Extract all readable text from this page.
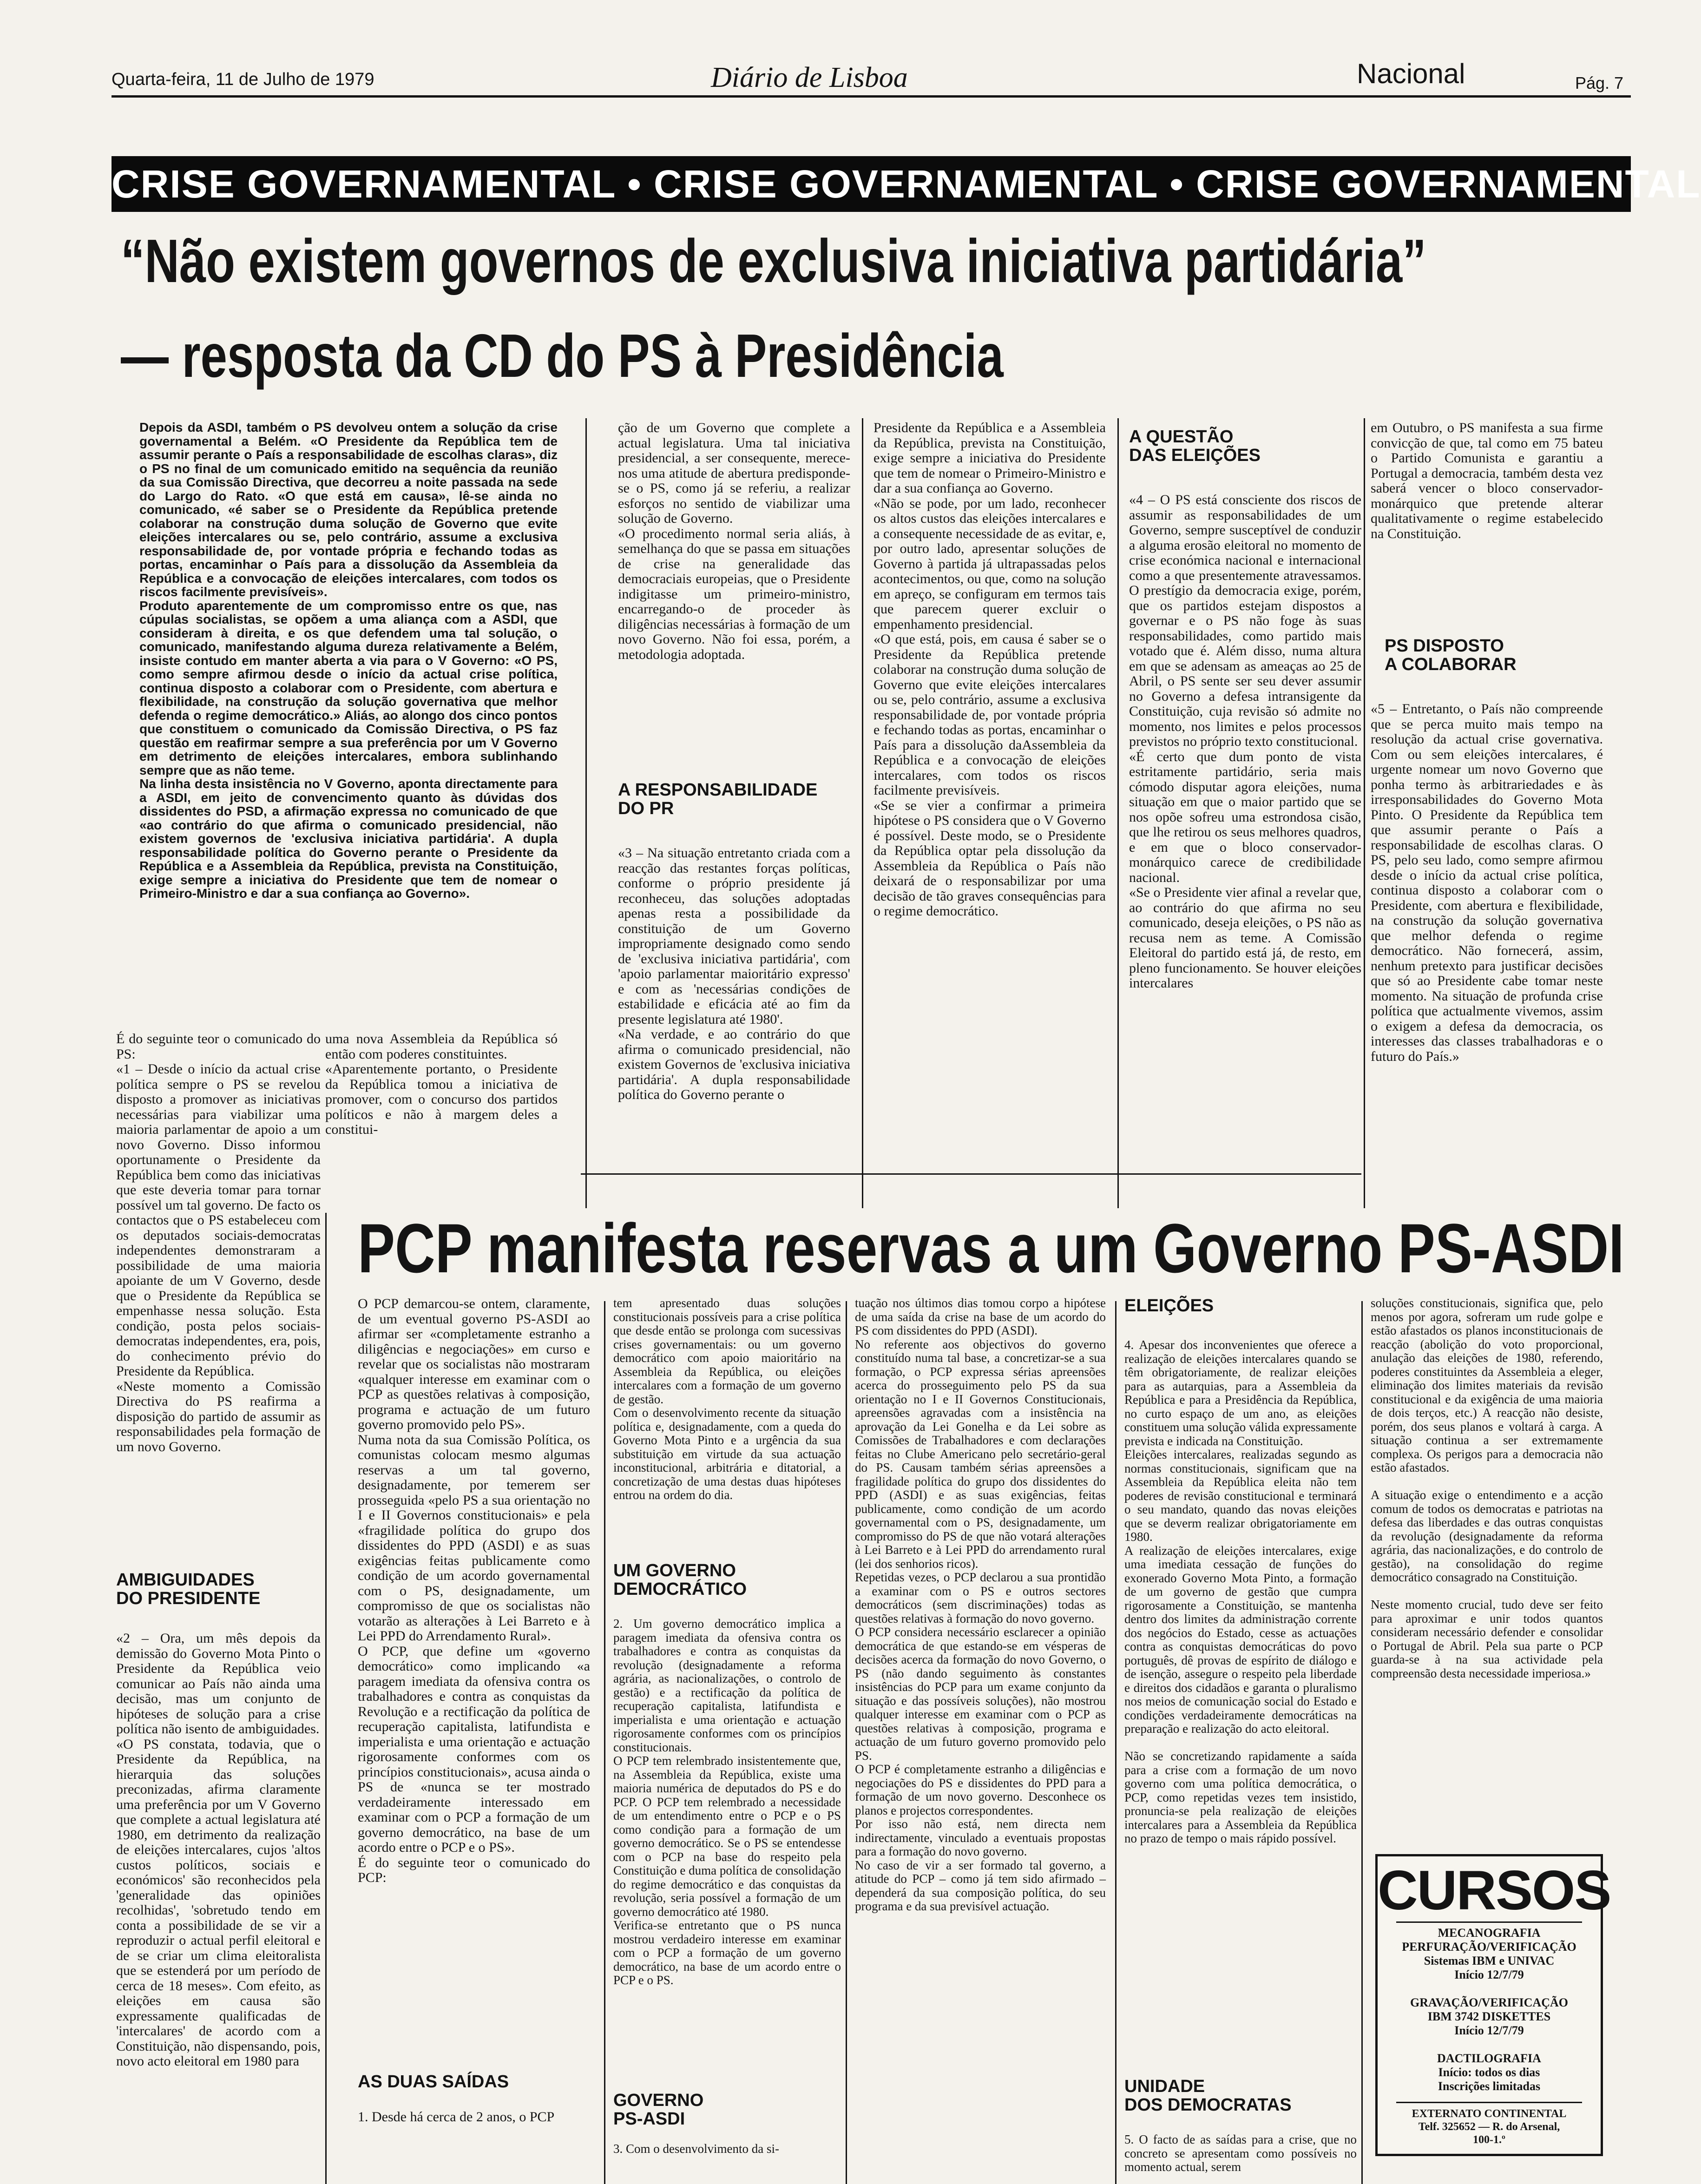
Quarta-feira, 11 de Julho de 1979	Diário de Lisboa	Nacional	Pág. 7
CRISE GOVERNAMENTAL • CRISE GOVERNAMENTAL • CRISE GOVERNAMENTAL
“Não existem governos de exclusiva iniciativa partidária”
— resposta da CD do PS à Presidência
Depois da ASDI, também o PS devolveu ontem a solução da crise governamental a Belém. «O Presidente da República tem de assumir perante o País a responsabilidade de escolhas claras», diz o PS no final de um comunicado emitido na sequência da reunião da sua Comissão Directiva, que decorreu a noite passada na sede do Largo do Rato. «O que está em causa», lê-se ainda no comunicado, «é saber se o Presidente da República pretende colaborar na construção duma solução de Governo que evite eleições intercalares ou se, pelo contrário, assume a exclusiva responsabilidade de, por vontade própria e fechando todas as portas, encaminhar o País para a dissolução da Assembleia da República e a convocação de eleições intercalares, com todos os riscos facilmente previsíveis».
Produto aparentemente de um compromisso entre os que, nas cúpulas socialistas, se opõem a uma aliança com a ASDI, que consideram à direita, e os que defendem uma tal solução, o comunicado, manifestando alguma dureza relativamente a Belém, insiste contudo em manter aberta a via para o V Governo: «O PS, como sempre afirmou desde o início da actual crise política, continua disposto a colaborar com o Presidente, com abertura e flexibilidade, na construção da solução governativa que melhor defenda o regime democrático.» Aliás, ao alongo dos cinco pontos que constituem o comunicado da Comissão Directiva, o PS faz questão em reafirmar sempre a sua preferência por um V Governo em detrimento de eleições intercalares, embora sublinhando sempre que as não teme.
Na linha desta insistência no V Governo, aponta directamente para a ASDI, em jeito de convencimento quanto às dúvidas dos dissidentes do PSD, a afirmação expressa no comunicado de que «ao contrário do que afirma o comunicado presidencial, não existem governos de 'exclusiva iniciativa partidária'. A dupla responsabilidade política do Governo perante o Presidente da República e a Assembleia da República, prevista na Constituição, exige sempre a iniciativa do Presidente que tem de nomear o Primeiro-Ministro e dar a sua confiança ao Governo».
É do seguinte teor o comunicado do PS:
«1 – Desde o início da actual crise política sempre o PS se revelou disposto a promover as iniciativas necessárias para viabilizar uma maioria parlamentar de apoio a um novo Governo. Disso informou oportunamente o Presidente da República bem como das iniciativas que este deveria tomar para tornar possível um tal governo. De facto os contactos que o PS estabeleceu com os deputados sociais-democratas independentes demonstraram a possibilidade de uma maioria apoiante de um V Governo, desde que o Presidente da República se empenhasse nessa solução. Esta condição, posta pelos sociais-democratas independentes, era, pois, do conhecimento prévio do Presidente da República.
«Neste momento a Comissão Directiva do PS reafirma a disposição do partido de assumir as responsabilidades pela formação de um novo Governo.
uma nova Assembleia da República só então com poderes constituintes.
«Aparentemente portanto, o Presidente da República tomou a iniciativa de promover, com o concurso dos partidos políticos e não à margem deles a constitui-
ção de um Governo que complete a actual legislatura. Uma tal iniciativa presidencial, a ser consequente, merece-nos uma atitude de abertura predisponde-se o PS, como já se referiu, a realizar esforços no sentido de viabilizar uma solução de Governo.
«O procedimento normal seria aliás, à semelhança do que se passa em situações de crise na generalidade das democraciais europeias, que o Presidente indigitasse um primeiro-ministro, encarregando-o de proceder às diligências necessárias à formação de um novo Governo. Não foi essa, porém, a metodologia adoptada.
A RESPONSABILIDADE
DO PR
«3 – Na situação entretanto criada com a reacção das restantes forças políticas, conforme o próprio presidente já reconheceu, das soluções adoptadas apenas resta a possibilidade da constituição de um Governo impropriamente designado como sendo de 'exclusiva iniciativa partidária', com 'apoio parlamentar maioritário expresso' e com as 'necessárias condições de estabilidade e eficácia até ao fim da presente legislatura até 1980'.
«Na verdade, e ao contrário do que afirma o comunicado presidencial, não existem Governos de 'exclusiva iniciativa partidária'. A dupla responsabilidade política do Governo perante o
Presidente da República e a Assembleia da República, prevista na Constituição, exige sempre a iniciativa do Presidente que tem de nomear o Primeiro-Ministro e dar a sua confiança ao Governo.
«Não se pode, por um lado, reconhecer os altos custos das eleições intercalares e a consequente necessidade de as evitar, e, por outro lado, apresentar soluções de Governo à partida já ultrapassadas pelos acontecimentos, ou que, como na solução em apreço, se configuram em termos tais que parecem querer excluir o empenhamento presidencial.
«O que está, pois, em causa é saber se o Presidente da República pretende colaborar na construção duma solução de Governo que evite eleições intercalares ou se, pelo contrário, assume a exclusiva responsabilidade de, por vontade própria e fechando todas as portas, encaminhar o País para a dissolução daAssembleia da República e a convocação de eleições intercalares, com todos os riscos facilmente previsíveis.
«Se se vier a confirmar a primeira hipótese o PS considera que o V Governo é possível. Deste modo, se o Presidente da República optar pela dissolução da Assembleia da República o País não deixará de o responsabilizar por uma decisão de tão graves consequências para o regime democrático.
A QUESTÃO
DAS ELEIÇÕES
«4 – O PS está consciente dos riscos de assumir as responsabilidades de um Governo, sempre susceptível de conduzir a alguma erosão eleitoral no momento de crise económica nacional e internacional como a que presentemente atravessamos. O prestígio da democracia exige, porém, que os partidos estejam dispostos a governar e o PS não foge às suas responsabilidades, como partido mais votado que é. Além disso, numa altura em que se adensam as ameaças ao 25 de Abril, o PS sente ser seu dever assumir no Governo a defesa intransigente da Constituição, cuja revisão só admite no momento, nos limites e pelos processos previstos no próprio texto constitucional.
«É certo que dum ponto de vista estritamente partidário, seria mais cómodo disputar agora eleições, numa situação em que o maior partido que se nos opõe sofreu uma estrondosa cisão, que lhe retirou os seus melhores quadros, e em que o bloco conservador-monárquico carece de credibilidade nacional.
«Se o Presidente vier afinal a revelar que, ao contrário do que afirma no seu comunicado, deseja eleições, o PS não as recusa nem as teme. A Comissão Eleitoral do partido está já, de resto, em pleno funcionamento. Se houver eleições intercalares
em Outubro, o PS manifesta a sua firme convicção de que, tal como em 75 bateu o Partido Comunista e garantiu a Portugal a democracia, também desta vez saberá vencer o bloco conservador-monárquico que pretende alterar qualitativamente o regime estabelecido na Constituição.
PS DISPOSTO
A COLABORAR
«5 – Entretanto, o País não compreende que se perca muito mais tempo na resolução da actual crise governativa. Com ou sem eleições intercalares, é urgente nomear um novo Governo que ponha termo às arbitrariedades e às irresponsabilidades do Governo Mota Pinto. O Presidente da República tem que assumir perante o País a responsabilidade de escolhas claras. O PS, pelo seu lado, como sempre afirmou desde o início da actual crise política, continua disposto a colaborar com o Presidente, com abertura e flexibilidade, na construção da solução governativa que melhor defenda o regime democrático. Não fornecerá, assim, nenhum pretexto para justificar decisões que só ao Presidente cabe tomar neste momento. Na situação de profunda crise política que actualmente vivemos, assim o exigem a defesa da democracia, os interesses das classes trabalhadoras e o futuro do País.»
AMBIGUIDADES
DO PRESIDENTE
«2 – Ora, um mês depois da demissão do Governo Mota Pinto o Presidente da República veio comunicar ao País não ainda uma decisão, mas um conjunto de hipóteses de solução para a crise política não isento de ambiguidades.
«O PS constata, todavia, que o Presidente da República, na hierarquia das soluções preconizadas, afirma claramente uma preferência por um V Governo que complete a actual legislatura até 1980, em detrimento da realização de eleições intercalares, cujos 'altos custos políticos, sociais e económicos' são reconhecidos pela 'generalidade das opiniões recolhidas', 'sobretudo tendo em conta a possibilidade de se vir a reproduzir o actual perfil eleitoral e de se criar um clima eleitoralista que se estenderá por um período de cerca de 18 meses». Com efeito, as eleições em causa são expressamente qualificadas de 'intercalares' de acordo com a Constituição, não dispensando, pois, novo acto eleitoral em 1980 para
PCP manifesta reservas a um Governo PS-ASDI
O PCP demarcou-se ontem, claramente, de um eventual governo PS-ASDI ao afirmar ser «completamente estranho a diligências e negociações» em curso e revelar que os socialistas não mostraram «qualquer interesse em examinar com o PCP as questões relativas à composição, programa e actuação de um futuro governo promovido pelo PS».
Numa nota da sua Comissão Política, os comunistas colocam mesmo algumas reservas a um tal governo, designadamente, por temerem ser prosseguida «pelo PS a sua orientação no I e II Governos constitucionais» e pela «fragilidade política do grupo dos dissidentes do PPD (ASDI) e as suas exigências feitas publicamente como condição de um acordo governamental com o PS, designadamente, um compromisso de que os socialistas não votarão as alterações à Lei Barreto e à Lei PPD do Arrendamento Rural».
O PCP, que define um «governo democrático» como implicando «a paragem imediata da ofensiva contra os trabalhadores e contra as conquistas da Revolução e a rectificação da política de recuperação capitalista, latifundista e imperialista e uma orientação e actuação rigorosamente conformes com os princípios constitucionais», acusa ainda o PS de «nunca se ter mostrado verdadeiramente interessado em examinar com o PCP a formação de um governo democrático, na base de um acordo entre o PCP e o PS».
É do seguinte teor o comunicado do PCP:
AS DUAS SAÍDAS
1. Desde há cerca de 2 anos, o PCP
tem apresentado duas soluções constitucionais possíveis para a crise política que desde então se prolonga com sucessivas crises governamentais: ou um governo democrático com apoio maioritário na Assembleia da República, ou eleições intercalares com a formação de um governo de gestão.
Com o desenvolvimento recente da situação política e, designadamente, com a queda do Governo Mota Pinto e a urgência da sua substituição em virtude da sua actuação inconstitucional, arbitrária e ditatorial, a concretização de uma destas duas hipóteses entrou na ordem do dia.
UM GOVERNO
DEMOCRÁTICO
2. Um governo democrático implica a paragem imediata da ofensiva contra os trabalhadores e contra as conquistas da revolução (designadamente a reforma agrária, as nacionalizações, o controlo de gestão) e a rectificação da política de recuperação capitalista, latifundista e imperialista e uma orientação e actuação rigorosamente conformes com os princípios constitucionais.
O PCP tem relembrado insistentemente que, na Assembleia da República, existe uma maioria numérica de deputados do PS e do PCP. O PCP tem relembrado a necessidade de um entendimento entre o PCP e o PS como condição para a formação de um governo democrático. Se o PS se entendesse com o PCP na base do respeito pela Constituição e duma política de consolidação do regime democrático e das conquistas da revolução, seria possível a formação de um governo democrático até 1980.
Verifica-se entretanto que o PS nunca mostrou verdadeiro interesse em examinar com o PCP a formação de um governo democrático, na base de um acordo entre o PCP e o PS.
GOVERNO
PS-ASDI
3. Com o desenvolvimento da si-
tuação nos últimos dias tomou corpo a hipótese de uma saída da crise na base de um acordo do PS com dissidentes do PPD (ASDI).
No referente aos objectivos do governo constituído numa tal base, a concretizar-se a sua formação, o PCP expressa sérias apreensões acerca do prosseguimento pelo PS da sua orientação no I e II Governos Constitucionais, apreensões agravadas com a insistência na aprovação da Lei Gonelha e da Lei sobre as Comissões de Trabalhadores e com declarações feitas no Clube Americano pelo secretário-geral do PS. Causam também sérias apreensões a fragilidade política do grupo dos dissidentes do PPD (ASDI) e as suas exigências, feitas publicamente, como condição de um acordo governamental com o PS, designadamente, um compromisso do PS de que não votará alterações à Lei Barreto e à Lei PPD do arrendamento rural (lei dos senhorios ricos).
Repetidas vezes, o PCP declarou a sua prontidão a examinar com o PS e outros sectores democráticos (sem discriminações) todas as questões relativas à formação do novo governo.
O PCP considera necessário esclarecer a opinião democrática de que estando-se em vésperas de decisões acerca da formação do novo Governo, o PS (não dando seguimento às constantes insistências do PCP para um exame conjunto da situação e das possíveis soluções), não mostrou qualquer interesse em examinar com o PCP as questões relativas à composição, programa e actuação de um futuro governo promovido pelo PS.
O PCP é completamente estranho a diligências e negociações do PS e dissidentes do PPD para a formação de um novo governo. Desconhece os planos e projectos correspondentes.
Por isso não está, nem directa nem indirectamente, vinculado a eventuais propostas para a formação do novo governo.
No caso de vir a ser formado tal governo, a atitude do PCP – como já tem sido afirmado – dependerá da sua composição política, do seu programa e da sua previsível actuação.
ELEIÇÕES
4. Apesar dos inconvenientes que oferece a realização de eleições intercalares quando se têm obrigatoriamente, de realizar eleições para as autarquias, para a Assembleia da República e para a Presidência da República, no curto espaço de um ano, as eleições constituem uma solução válida expressamente prevista e indicada na Constituição.
Eleições intercalares, realizadas segundo as normas constitucionais, significam que na Assembleia da República eleita não tem poderes de revisão constitucional e terminará o seu mandato, quando das novas eleições que se deverm realizar obrigatoriamente em 1980.
A realização de eleições intercalares, exige uma imediata cessação de funções do exonerado Governo Mota Pinto, a formação de um governo de gestão que cumpra rigorosamente a Constituição, se mantenha dentro dos limites da administração corrente dos negócios do Estado, cesse as actuações contra as conquistas democráticas do povo português, dê provas de espírito de diálogo e de isenção, assegure o respeito pela liberdade e direitos dos cidadãos e garanta o pluralismo nos meios de comunicação social do Estado e condições verdadeiramente democráticas na preparação e realização do acto eleitoral.

Não se concretizando rapidamente a saída para a crise com a formação de um novo governo com uma política democrática, o PCP, como repetidas vezes tem insistido, pronuncia-se pela realização de eleições intercalares para a Assembleia da República no prazo de tempo o mais rápido possível.
UNIDADE
DOS DEMOCRATAS
5. O facto de as saídas para a crise, que no concreto se apresentam como possíveis no momento actual, serem
soluções constitucionais, significa que, pelo menos por agora, sofreram um rude golpe e estão afastados os planos inconstitucionais de reacção (abolição do voto proporcional, anulação das eleições de 1980, referendo, poderes constituintes da Assembleia a eleger, eliminação dos limites materiais da revisão constitucional e da exigência de uma maioria de dois terços, etc.) A reacção não desiste, porém, dos seus planos e voltará à carga. A situação continua a ser extremamente complexa. Os perigos para a democracia não estão afastados.

A situação exige o entendimento e a acção comum de todos os democratas e patriotas na defesa das liberdades e das outras conquistas da revolução (designadamente da reforma agrária, das nacionalizações, e do controlo de gestão), na consolidação do regime democrático consagrado na Constituição.

Neste momento crucial, tudo deve ser feito para aproximar e unir todos quantos consideram necessário defender e consolidar o Portugal de Abril. Pela sua parte o PCP guarda-se à na sua actividade pela compreensão desta necessidade imperiosa.»
CURSOS
MECANOGRAFIA
PERFURAÇÃO/VERIFICAÇÃO
Sistemas IBM e UNIVAC
Início 12/7/79

GRAVAÇÃO/VERIFICAÇÃO
IBM 3742 DISKETTES
Início 12/7/79

DACTILOGRAFIA
Início: todos os dias
Inscrições limitadas
EXTERNATO CONTINENTAL
Telf. 325652 — R. do Arsenal,
100-1.º
